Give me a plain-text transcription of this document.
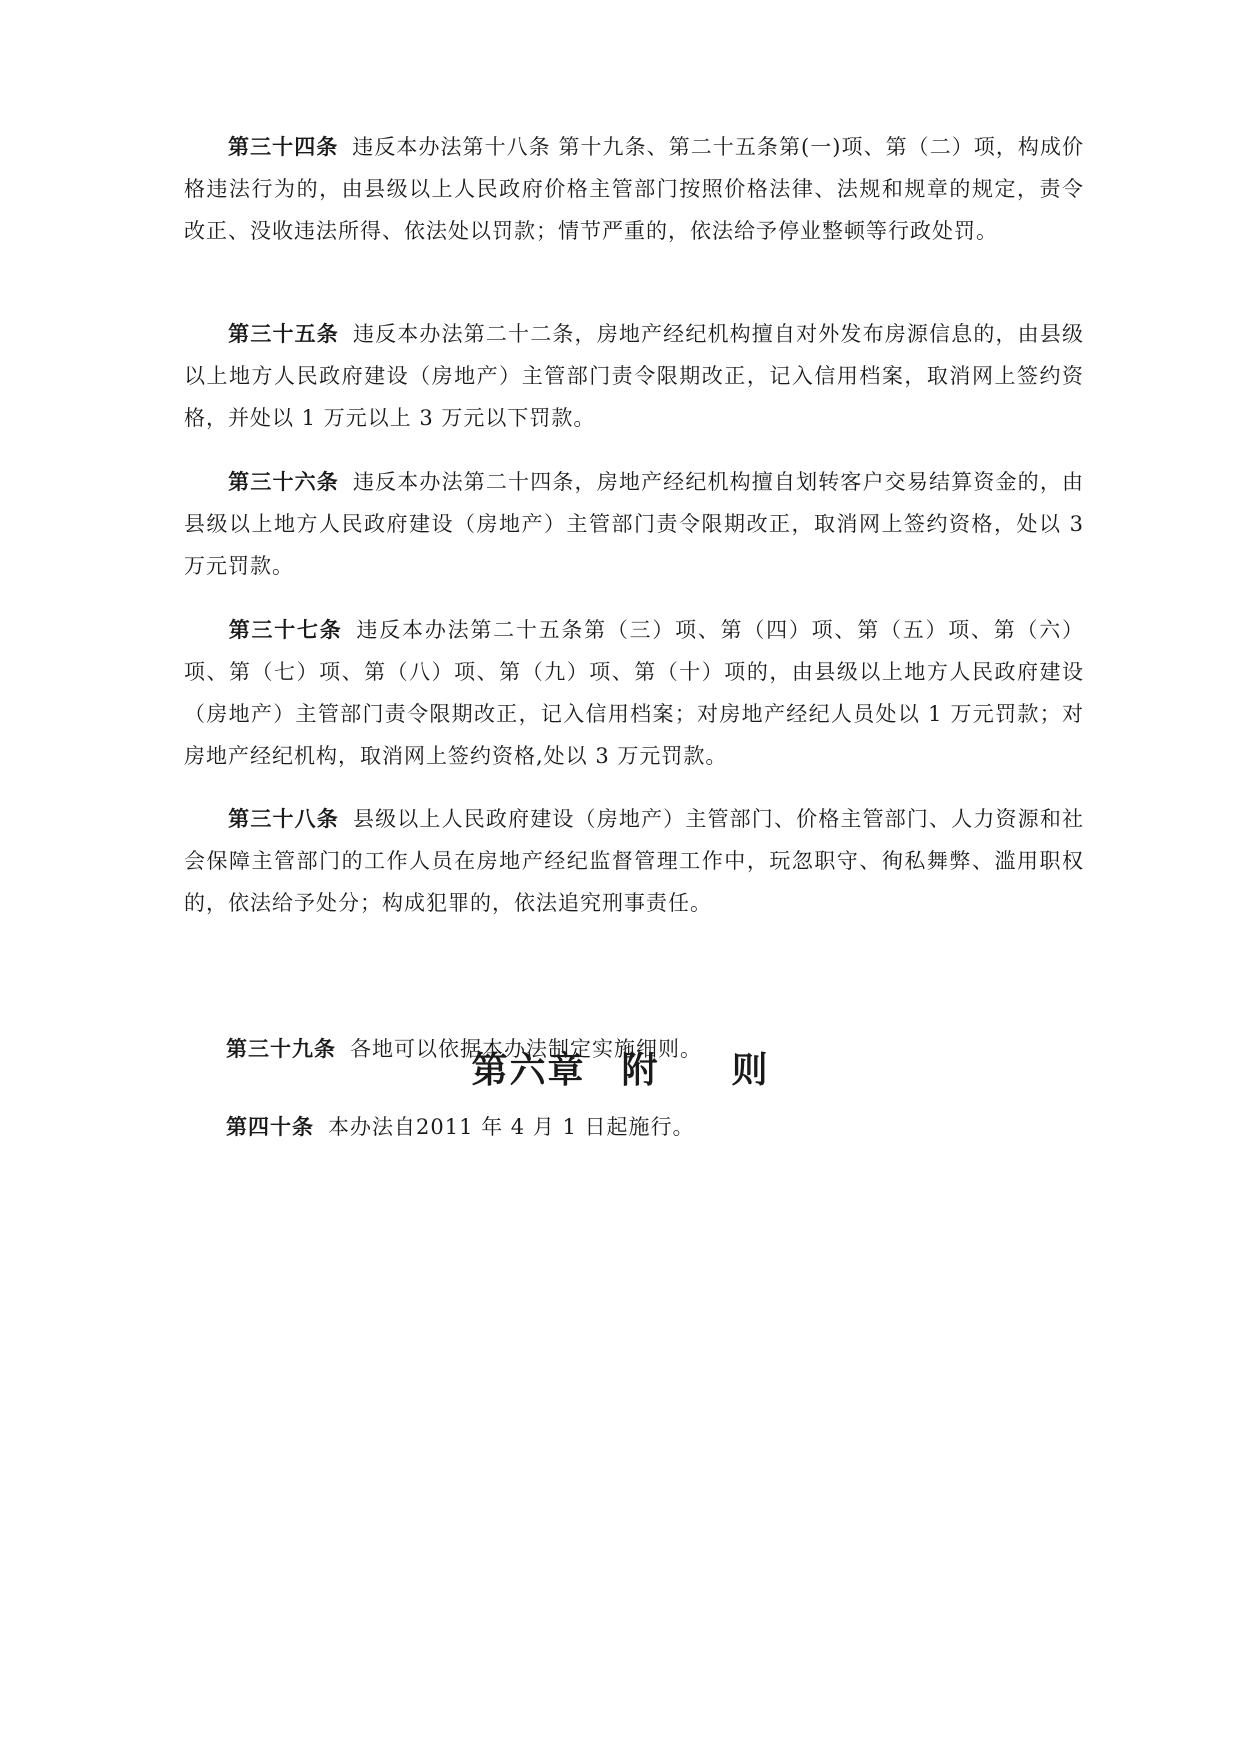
第三十四条 违反本办法第十八条 第十九条、第二十五条第(一)项、第（二）项，构成价格违法行为的，由县级以上人民政府价格主管部门按照价格法律、法规和规章的规定，责令改正、没收违法所得、依法处以罚款；情节严重的，依法给予停业整顿等行政处罚。
第三十五条 违反本办法第二十二条，房地产经纪机构擅自对外发布房源信息的，由县级以上地方人民政府建设（房地产）主管部门责令限期改正，记入信用档案，取消网上签约资格，并处以 1 万元以上 3 万元以下罚款。
第三十六条 违反本办法第二十四条，房地产经纪机构擅自划转客户交易结算资金的，由县级以上地方人民政府建设（房地产）主管部门责令限期改正，取消网上签约资格，处以 3 万元罚款。
第三十七条 违反本办法第二十五条第（三）项、第（四）项、第（五）项、第（六）项、第（七）项、第（八）项、第（九）项、第（十）项的，由县级以上地方人民政府建设（房地产）主管部门责令限期改正，记入信用档案；对房地产经纪人员处以 1 万元罚款；对房地产经纪机构，取消网上签约资格,处以 3 万元罚款。
第三十八条 县级以上人民政府建设（房地产）主管部门、价格主管部门、人力资源和社会保障主管部门的工作人员在房地产经纪监督管理工作中，玩忽职守、徇私舞弊、滥用职权的，依法给予处分；构成犯罪的，依法追究刑事责任。
第六章 附 则
第三十九条 各地可以依据本办法制定实施细则。
第四十条 本办法自2011 年 4 月 1 日起施行。
